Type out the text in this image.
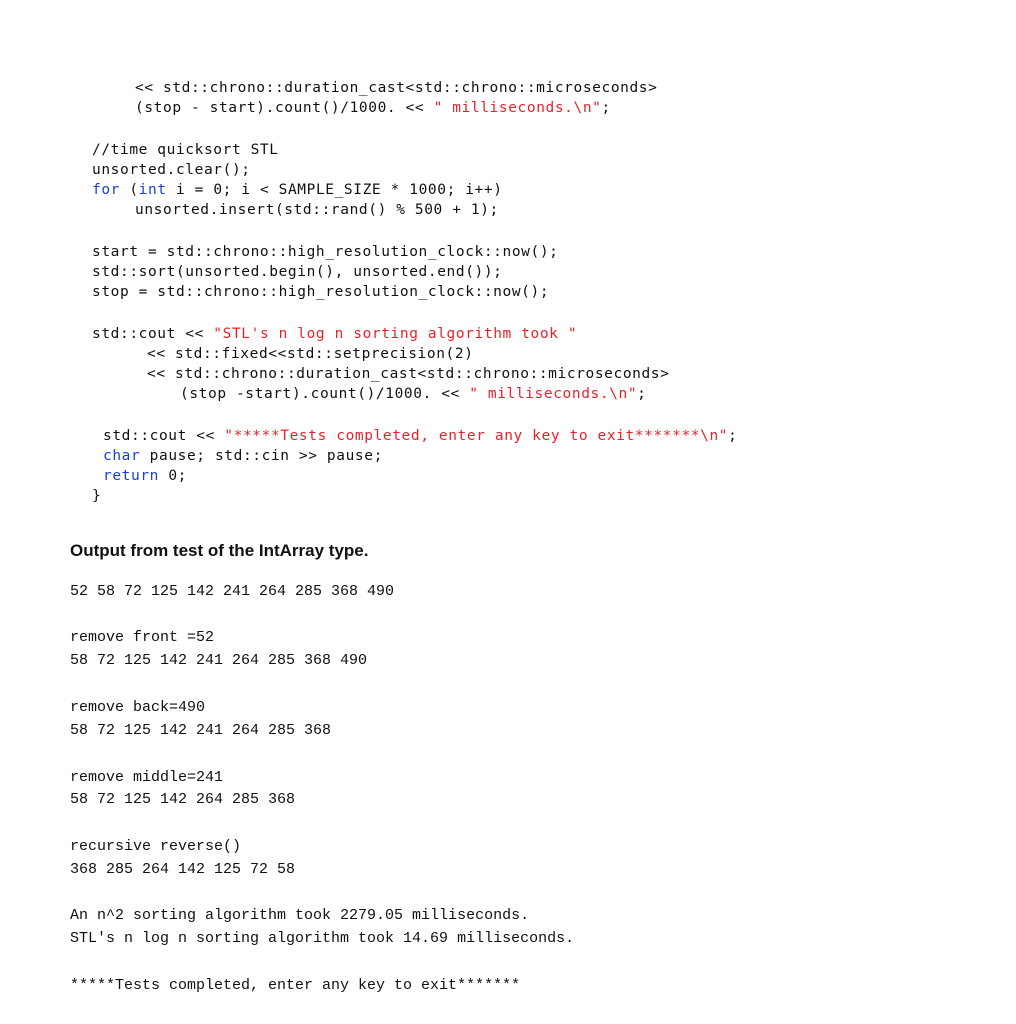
<< std::chrono::duration_cast<std::chrono::microseconds>
(stop - start).count()/1000. << " milliseconds.\n";
//time quicksort STL
unsorted.clear();
for (int i = 0; i < SAMPLE_SIZE * 1000; i++)
unsorted.insert(std::rand() % 500 + 1);
start = std::chrono::high_resolution_clock::now();
std::sort(unsorted.begin(), unsorted.end());
stop = std::chrono::high_resolution_clock::now();
std::cout << "STL's n log n sorting algorithm took "
<< std::fixed<<std::setprecision(2)
<< std::chrono::duration_cast<std::chrono::microseconds>
(stop -start).count()/1000. << " milliseconds.\n";
std::cout << "*****Tests completed, enter any key to exit*******\n";
char pause; std::cin >> pause;
return 0;
}
Output from test of the IntArray type.
52 58 72 125 142 241 264 285 368 490
remove front =52
58 72 125 142 241 264 285 368 490
remove back=490
58 72 125 142 241 264 285 368
remove middle=241
58 72 125 142 264 285 368
recursive reverse()
368 285 264 142 125 72 58
An n^2 sorting algorithm took 2279.05 milliseconds.
STL's n log n sorting algorithm took 14.69 milliseconds.
*****Tests completed, enter any key to exit*******
